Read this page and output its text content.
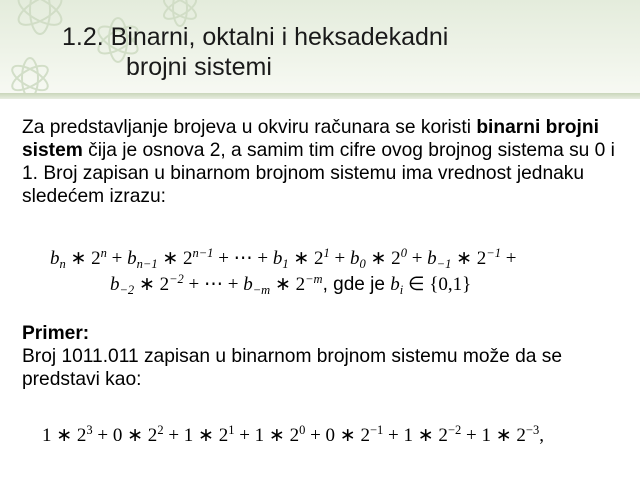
1.2. Binarni, oktalni i heksadekadni
brojni sistemi

Za predstavljanje brojeva u okviru računara se koristi binarni brojni sistem čija je osnova 2, a samim tim cifre ovog brojnog sistema su 0 i 1. Broj zapisan u binarnom brojnom sistemu ima vrednost jednaku sledećem izrazu:

$b_n$ ∗ $2^n + b_{n-1}$ ∗ $2^{n-1}$ + ⋯ + $b_1$ ∗ $2^1 + b_0$ ∗ $2^0 + b_{-1}$ ∗ $2^{-1}$ +
$b_{-2}$ ∗ $2^{-2}$ + ⋯ + $b_{-m}$ ∗ $2^{-m}$, gde je $b_i$ ∈ {0,1}
Primer:

Broj 1011.011 zapisan u binarnom brojnom sistemu može da se predstavi kao:

1 ∗ $2^3 + 0$ ∗ $2^2 + 1$ ∗ $2^1 + 1$ ∗ $2^0 + 0$ ∗ $2^{-1} + 1$ ∗ $2^{-2} + 1$ ∗ $2^{-3}$,
